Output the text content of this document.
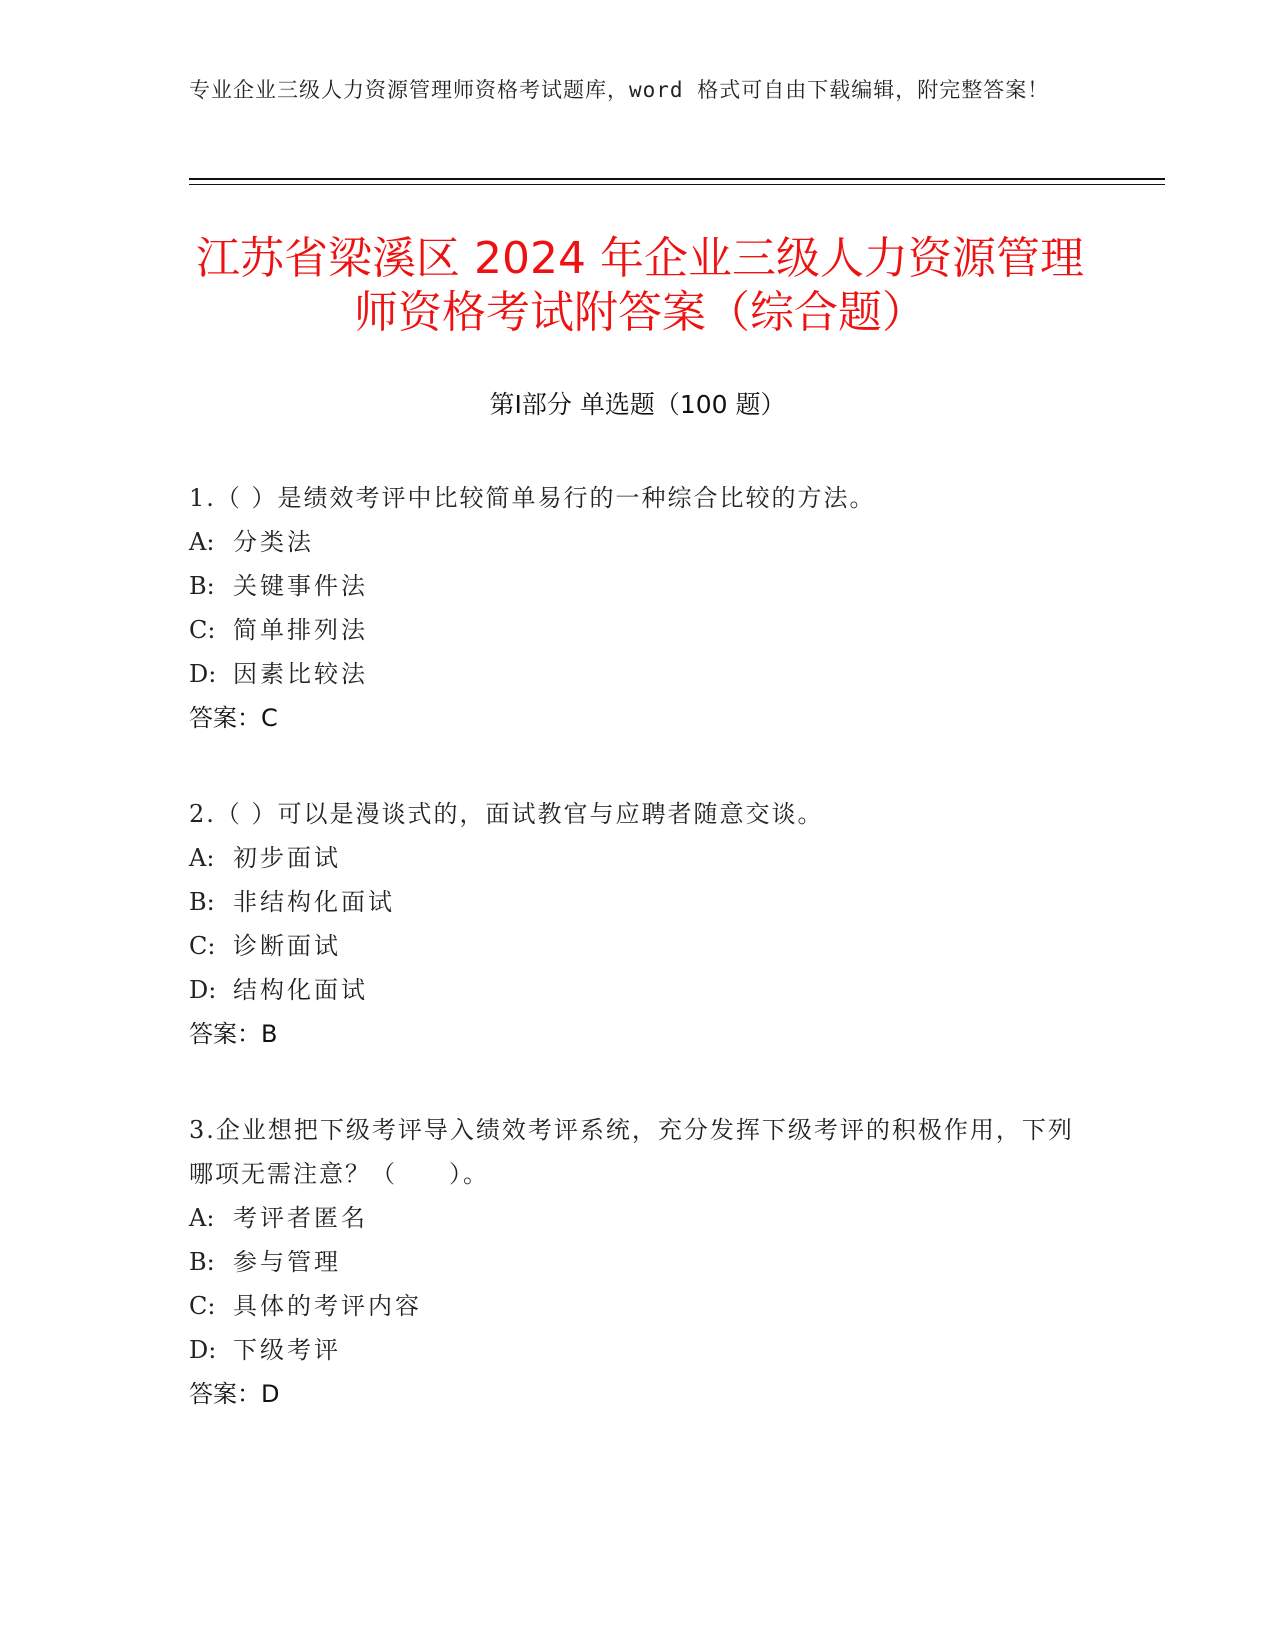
专业企业三级人力资源管理师资格考试题库，word 格式可自由下载编辑，附完整答案！
江苏省梁溪区 2024 年企业三级人力资源管理
师资格考试附答案（综合题）
第Ⅰ部分 单选题（100 题）
1.（ ）是绩效考评中比较简单易行的一种综合比较的方法。
A: 分类法
B: 关键事件法
C: 简单排列法
D: 因素比较法
答案：C
2.（ ）可以是漫谈式的，面试教官与应聘者随意交谈。
A: 初步面试
B: 非结构化面试
C: 诊断面试
D: 结构化面试
答案：B
3.企业想把下级考评导入绩效考评系统，充分发挥下级考评的积极作用，下列哪项无需注意？（　　）。
A: 考评者匿名
B: 参与管理
C: 具体的考评内容
D: 下级考评
答案：D
